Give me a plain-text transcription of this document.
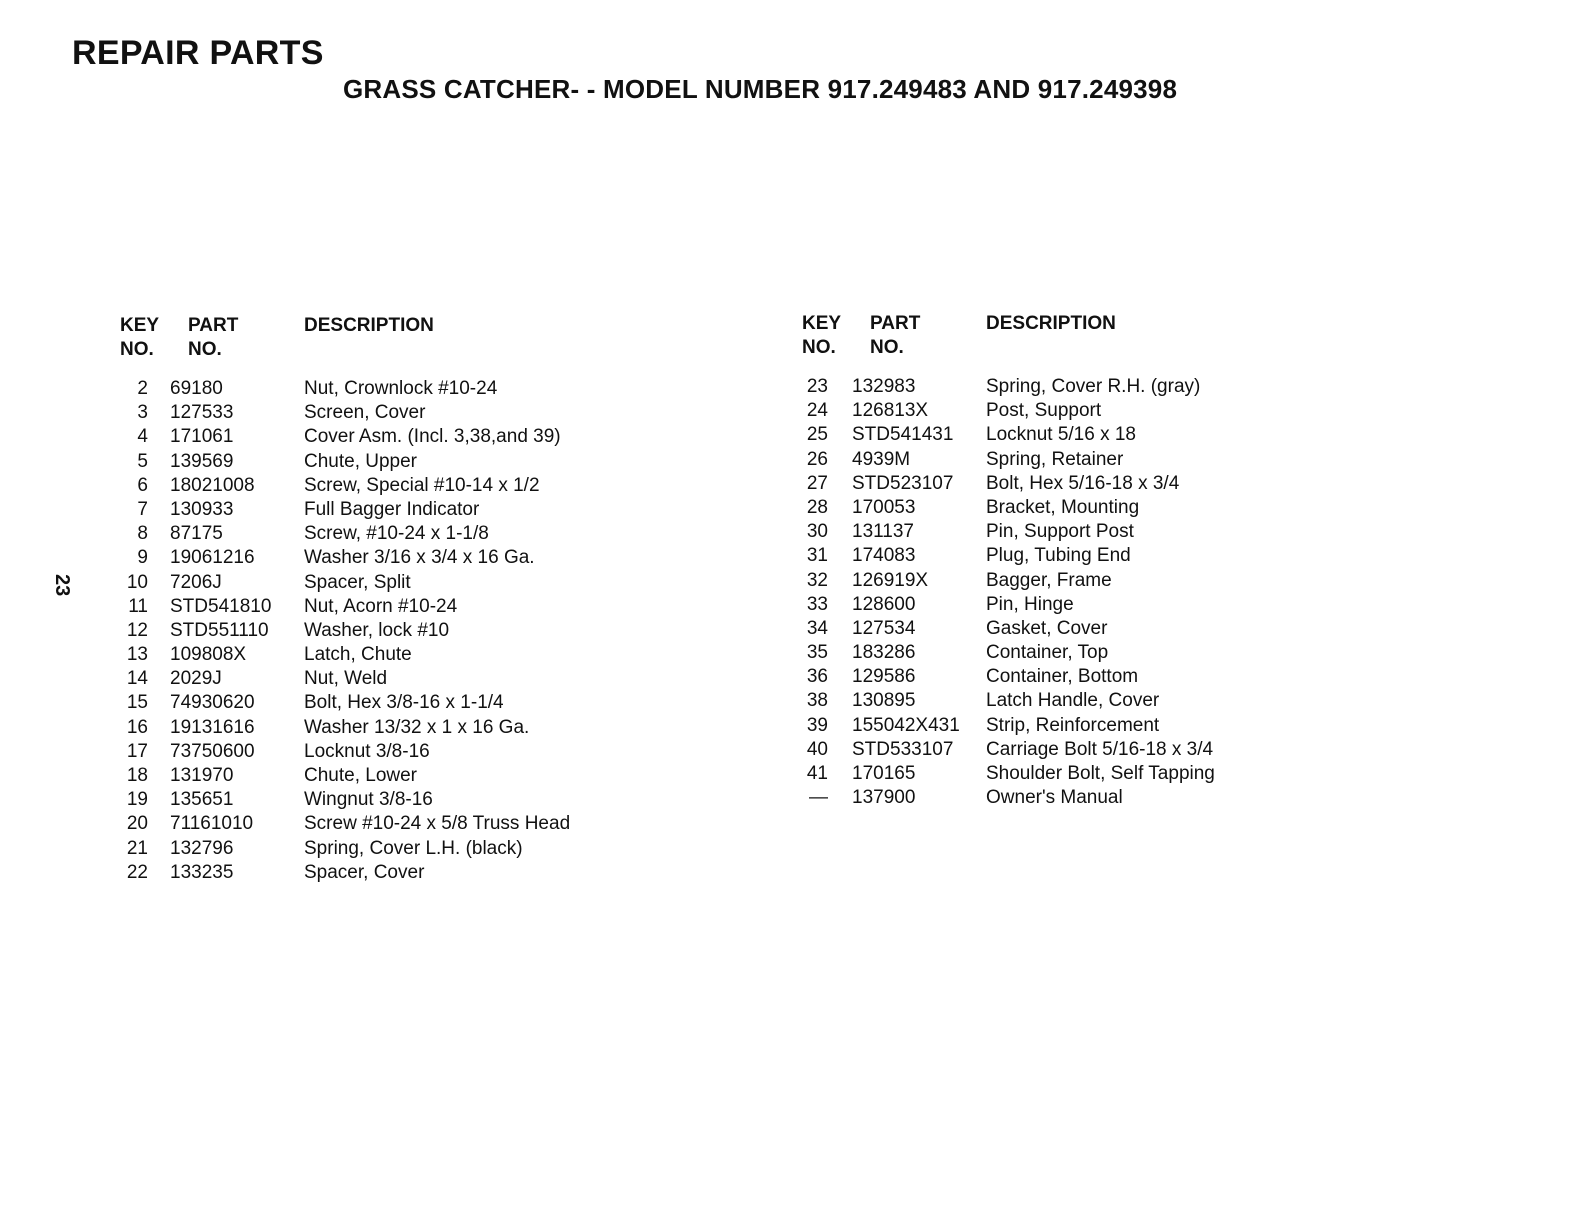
REPAIR PARTS
GRASS CATCHER- - MODEL NUMBER 917.249483 AND 917.249398
23
KEY
NO.
PART
NO.
DESCRIPTION
2 69180	Nut, Crownlock #10-24
3 127533	Screen, Cover
4 171061	Cover Asm. (Incl. 3,38,and 39)
5 139569	Chute, Upper
6 18021008	Screw, Special #10-14 x 1/2
7 130933	Full Bagger Indicator
8 87175	Screw, #10-24 x 1-1/8
9 19061216	Washer 3/16 x 3/4 x 16 Ga.
10 7206J	Spacer, Split
11 STD541810 Nut, Acorn #10-24
12 STD551110 Washer, lock #10
13 109808X	Latch, Chute
14 2029J	Nut, Weld
15 74930620	Bolt, Hex 3/8-16 x 1-1/4
16 19131616	Washer 13/32 x 1 x 16 Ga.
17 73750600	Locknut 3/8-16
18 131970	Chute, Lower
19 135651	Wingnut 3/8-16
20 71161010	Screw #10-24 x 5/8 Truss Head
21 132796	Spring, Cover L.H. (black)
22 133235	Spacer, Cover
KEY
NO.
PART
NO.
DESCRIPTION
23 132983	Spring, Cover R.H. (gray)
24 126813X	Post, Support
25 STD541431 Locknut 5/16 x 18
26 4939M	Spring, Retainer
27 STD523107 Bolt, Hex 5/16-18 x 3/4
28 170053	Bracket, Mounting
30 131137	Pin, Support Post
31 174083	Plug, Tubing End
32 126919X	Bagger, Frame
33 128600	Pin, Hinge
34 127534	Gasket, Cover
35 183286	Container, Top
36 129586	Container, Bottom
38 130895	Latch Handle, Cover
39 155042X431 Strip, Reinforcement
40 STD533107 Carriage Bolt 5/16-18 x 3/4
41 170165	Shoulder Bolt, Self Tapping
— 137900	Owner's Manual
